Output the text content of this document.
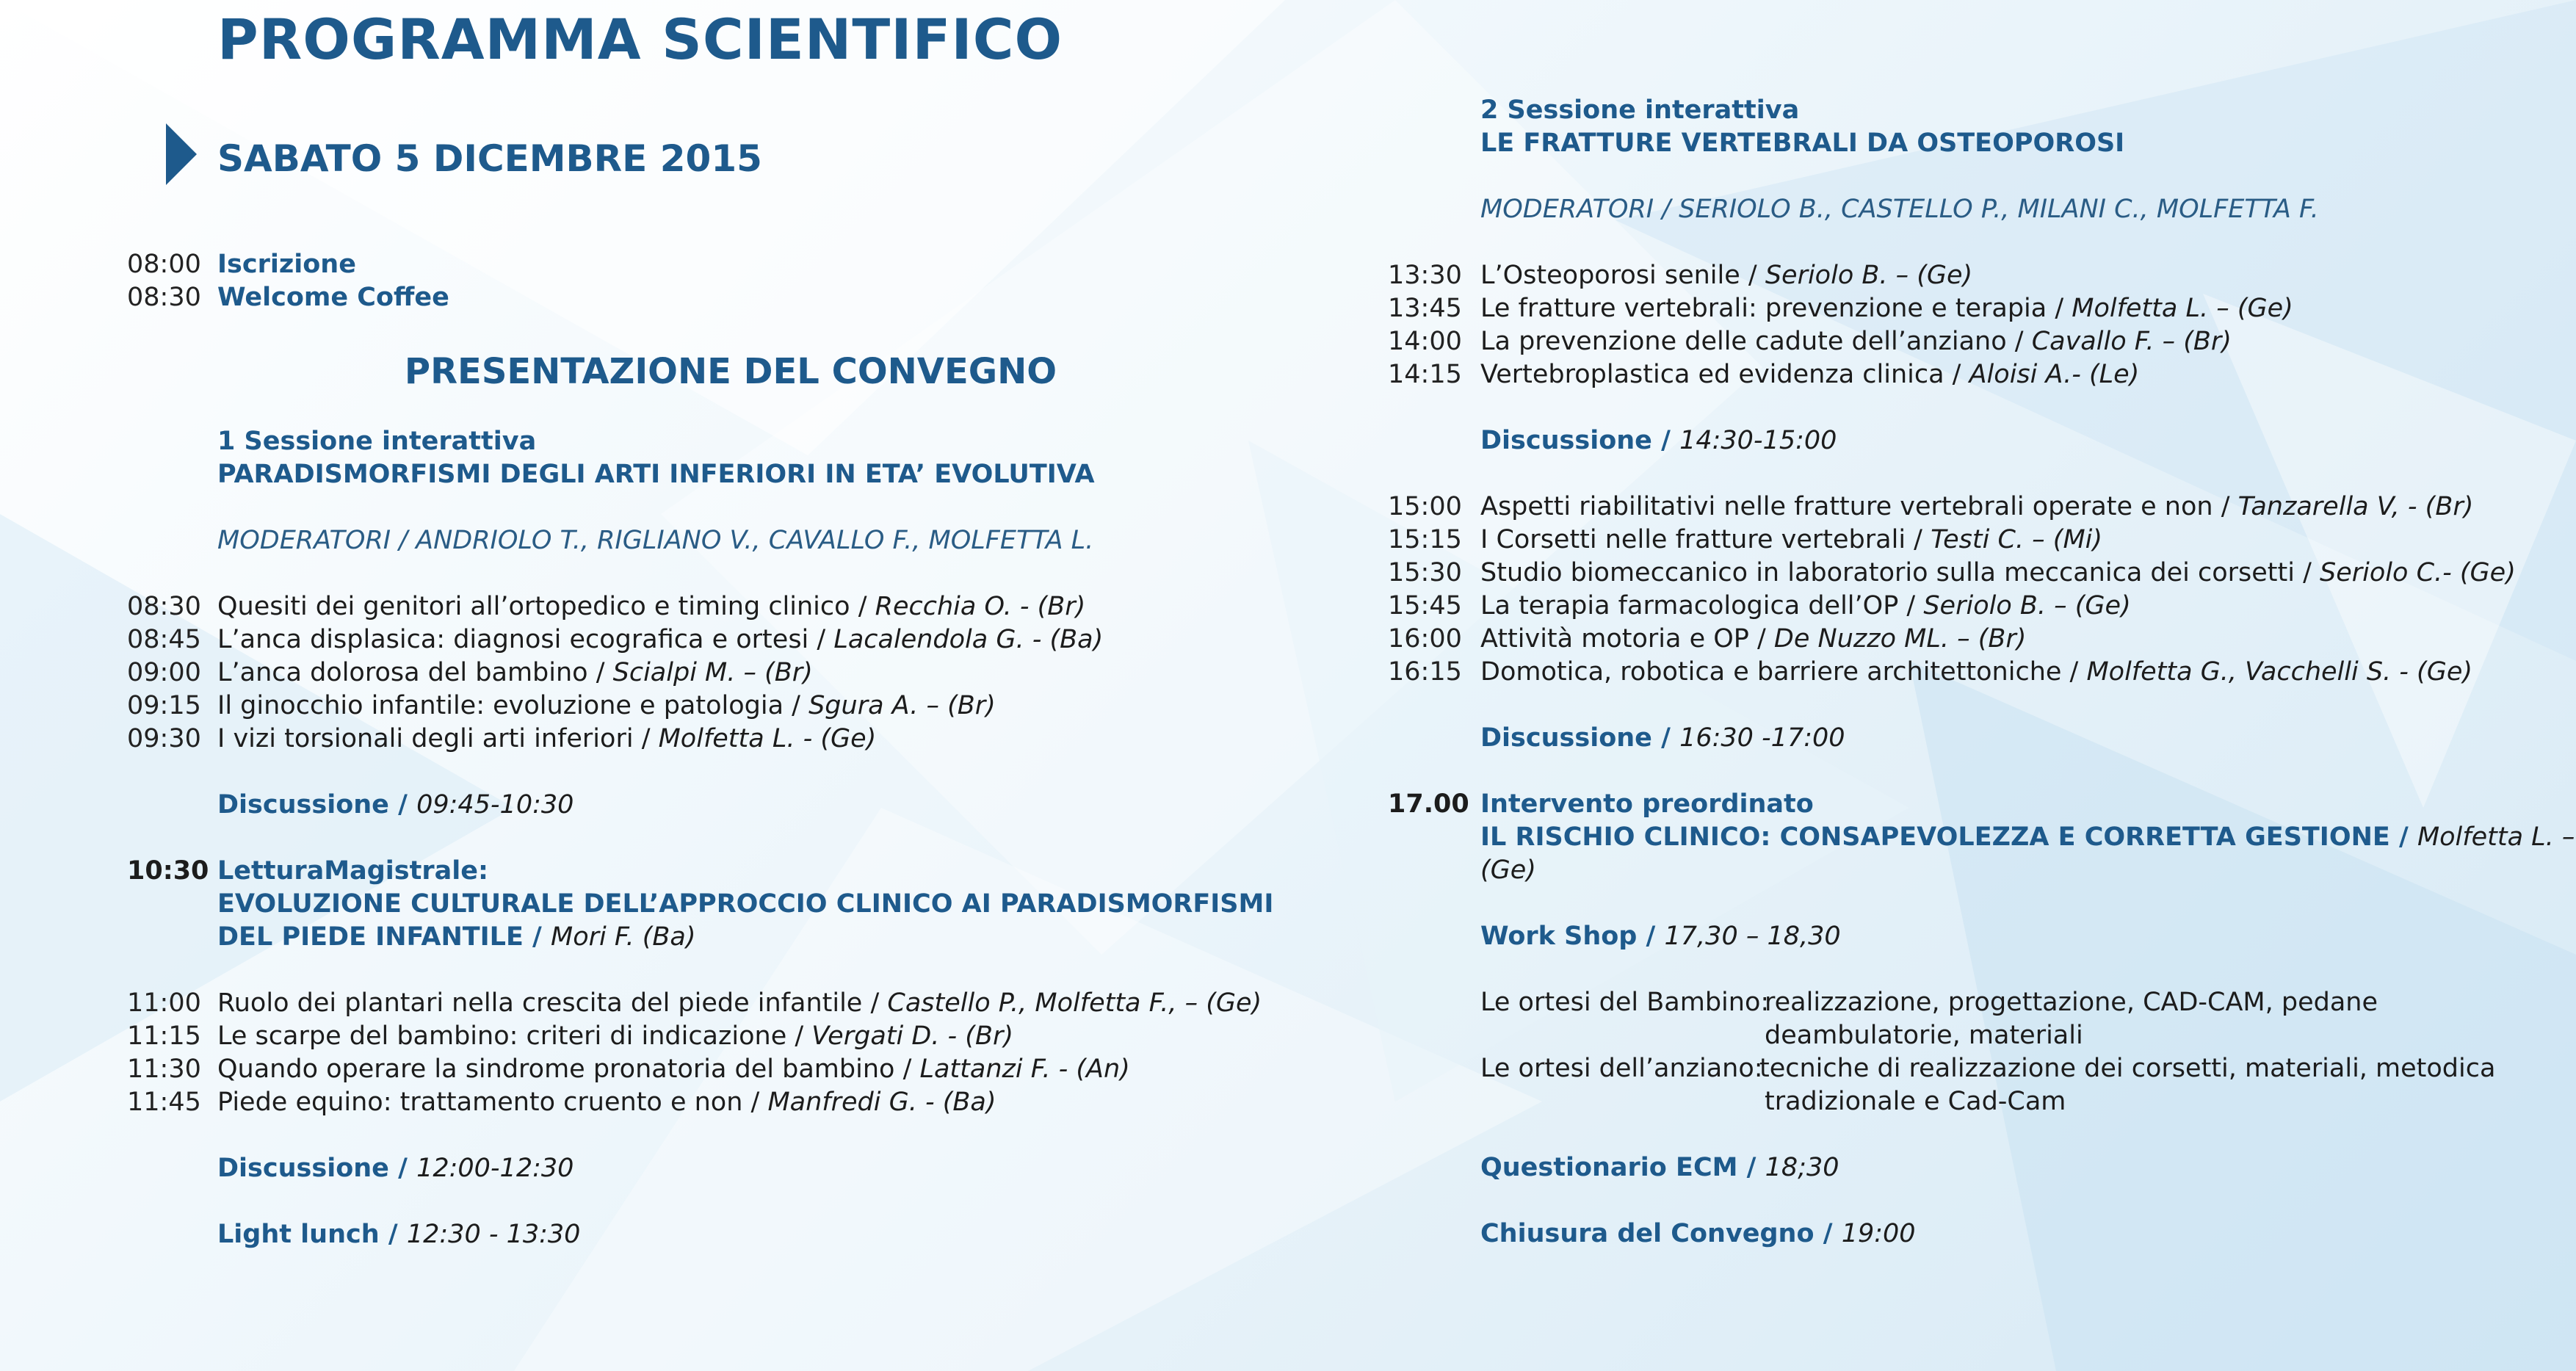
PROGRAMMA SCIENTIFICO
SABATO 5 DICEMBRE 2015
08:00 Iscrizione
08:30 Welcome Coffee
PRESENTAZIONE DEL CONVEGNO
1 Sessione interattiva
PARADISMORFISMI DEGLI ARTI INFERIORI IN ETA’ EVOLUTIVA
MODERATORI / ANDRIOLO T., RIGLIANO V., CAVALLO F., MOLFETTA L.
08:30 Quesiti dei genitori all’ortopedico e timing clinico / Recchia O. - (Br)
08:45 L’anca displasica: diagnosi ecografica e ortesi / Lacalendola G. - (Ba)
09:00 L’anca dolorosa del bambino / Scialpi M. – (Br)
09:15 Il ginocchio infantile: evoluzione e patologia / Sgura A. – (Br)
09:30 I vizi torsionali degli arti inferiori / Molfetta L. - (Ge)
Discussione / 09:45-10:30
10:30 LetturaMagistrale:
EVOLUZIONE CULTURALE DELL’APPROCCIO CLINICO AI PARADISMORFISMI
DEL PIEDE INFANTILE / Mori F. (Ba)
11:00 Ruolo dei plantari nella crescita del piede infantile / Castello P., Molfetta F., – (Ge)
11:15 Le scarpe del bambino: criteri di indicazione / Vergati D. - (Br)
11:30 Quando operare la sindrome pronatoria del bambino / Lattanzi F. - (An)
11:45 Piede equino: trattamento cruento e non / Manfredi G. - (Ba)
Discussione / 12:00-12:30
Light lunch / 12:30 - 13:30
2 Sessione interattiva
LE FRATTURE VERTEBRALI DA OSTEOPOROSI
MODERATORI / SERIOLO B., CASTELLO P., MILANI C., MOLFETTA F.
13:30 L’Osteoporosi senile / Seriolo B. – (Ge)
13:45 Le fratture vertebrali: prevenzione e terapia / Molfetta L. – (Ge)
14:00 La prevenzione delle cadute dell’anziano / Cavallo F. – (Br)
14:15 Vertebroplastica ed evidenza clinica / Aloisi A.- (Le)
Discussione / 14:30-15:00
15:00 Aspetti riabilitativi nelle fratture vertebrali operate e non / Tanzarella V, - (Br)
15:15 I Corsetti nelle fratture vertebrali / Testi C. – (Mi)
15:30 Studio biomeccanico in laboratorio sulla meccanica dei corsetti / Seriolo C.- (Ge)
15:45 La terapia farmacologica dell’OP / Seriolo B. – (Ge)
16:00 Attività motoria e OP / De Nuzzo ML. – (Br)
16:15 Domotica, robotica e barriere architettoniche / Molfetta G., Vacchelli S. - (Ge)
Discussione / 16:30 -17:00
17.00 Intervento preordinato
IL RISCHIO CLINICO: CONSAPEVOLEZZA E CORRETTA GESTIONE / Molfetta L. –
(Ge)
Work Shop / 17,30 – 18,30
Le ortesi del Bambino:
realizzazione, progettazione, CAD-CAM, pedane
deambulatorie, materiali
Le ortesi dell’anziano:
tecniche di realizzazione dei corsetti, materiali, metodica
tradizionale e Cad-Cam
Questionario ECM / 18;30
Chiusura del Convegno / 19:00
